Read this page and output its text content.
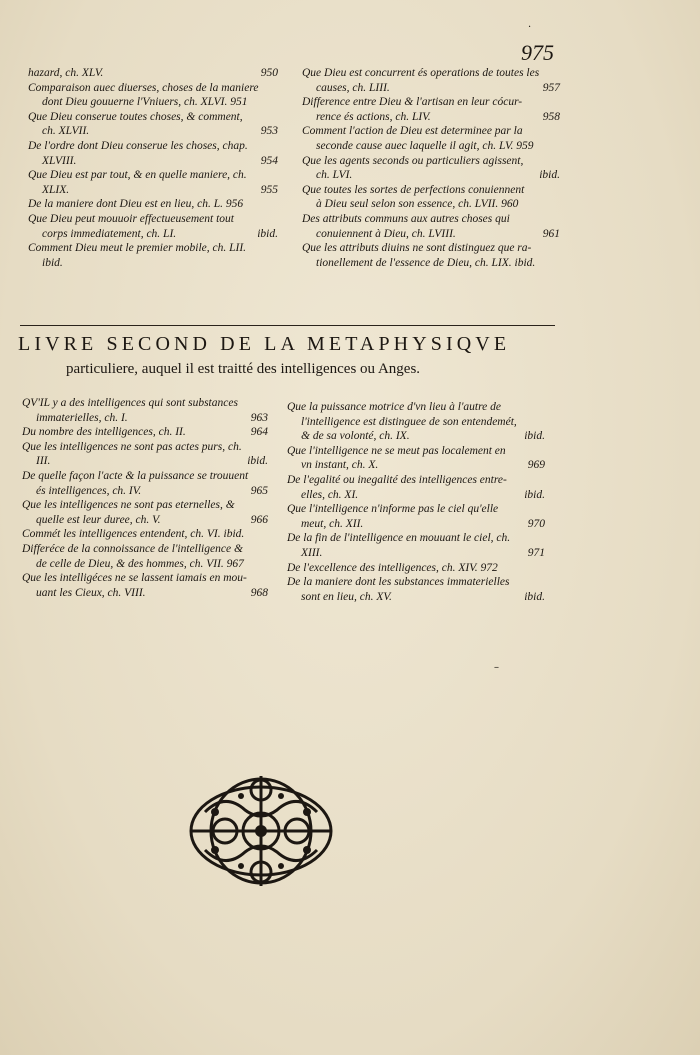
·
975
hazard, ch. XLV.	950
Comparaison auec diuerses, choses de la maniere
dont Dieu gouuerne l'Vniuers, ch. XLVI. 951
Que Dieu conserue toutes choses, & comment,
ch. XLVII.	953
De l'ordre dont Dieu conserue les choses, chap.
XLVIII.	954
Que Dieu est par tout, & en quelle maniere, ch.
XLIX.	955
De la maniere dont Dieu est en lieu, ch. L. 956
Que Dieu peut mouuoir effectueusement tout
corps immediatement, ch. LI.	ibid.
Comment Dieu meut le premier mobile, ch. LII.
ibid.
Que Dieu est concurrent és operations de toutes les
causes, ch. LIII.	957
Difference entre Dieu & l'artisan en leur cócur-
rence és actions, ch. LIV.	958
Comment l'action de Dieu est determinee par la
seconde cause auec laquelle il agit, ch. LV. 959
Que les agents seconds ou particuliers agissent,
ch. LVI.	ibid.
Que toutes les sortes de perfections conuiennent
à Dieu seul selon son essence, ch. LVII. 960
Des attributs communs aux autres choses qui
conuiennent à Dieu, ch. LVIII.	961
Que les attributs diuins ne sont distinguez que ra-
tionellement de l'essence de Dieu, ch. LIX. ibid.
LIVRE SECOND DE LA METAPHYSIQVE
particuliere, auquel il est traitté des intelligences ou Anges.
QV'IL y a des intelligences qui sont substances
immaterielles, ch. I.	963
Du nombre des intelligences, ch. II.	964
Que les intelligences ne sont pas actes purs, ch.
III.	ibid.
De quelle façon l'acte & la puissance se trouuent
és intelligences, ch. IV.	965
Que les intelligences ne sont pas eternelles, &
quelle est leur duree, ch. V.	966
Commét les intelligences entendent, ch. VI. ibid.
Differéce de la connoissance de l'intelligence &
de celle de Dieu, & des hommes, ch. VII. 967
Que les intelligéces ne se lassent iamais en mou-
uant les Cieux, ch. VIII.	968
Que la puissance motrice d'vn lieu à l'autre de
l'intelligence est distinguee de son entendemét,
& de sa volonté, ch. IX.	ibid.
Que l'intelligence ne se meut pas localement en
vn instant, ch. X.	969
De l'egalité ou inegalité des intelligences entre-
elles, ch. XI.	ibid.
Que l'intelligence n'informe pas le ciel qu'elle
meut, ch. XII.	970
De la fin de l'intelligence en mouuant le ciel, ch.
XIII.	971
De l'excellence des intelligences, ch. XIV. 972
De la maniere dont les substances immaterielles
sont en lieu, ch. XV.	ibid.
–
